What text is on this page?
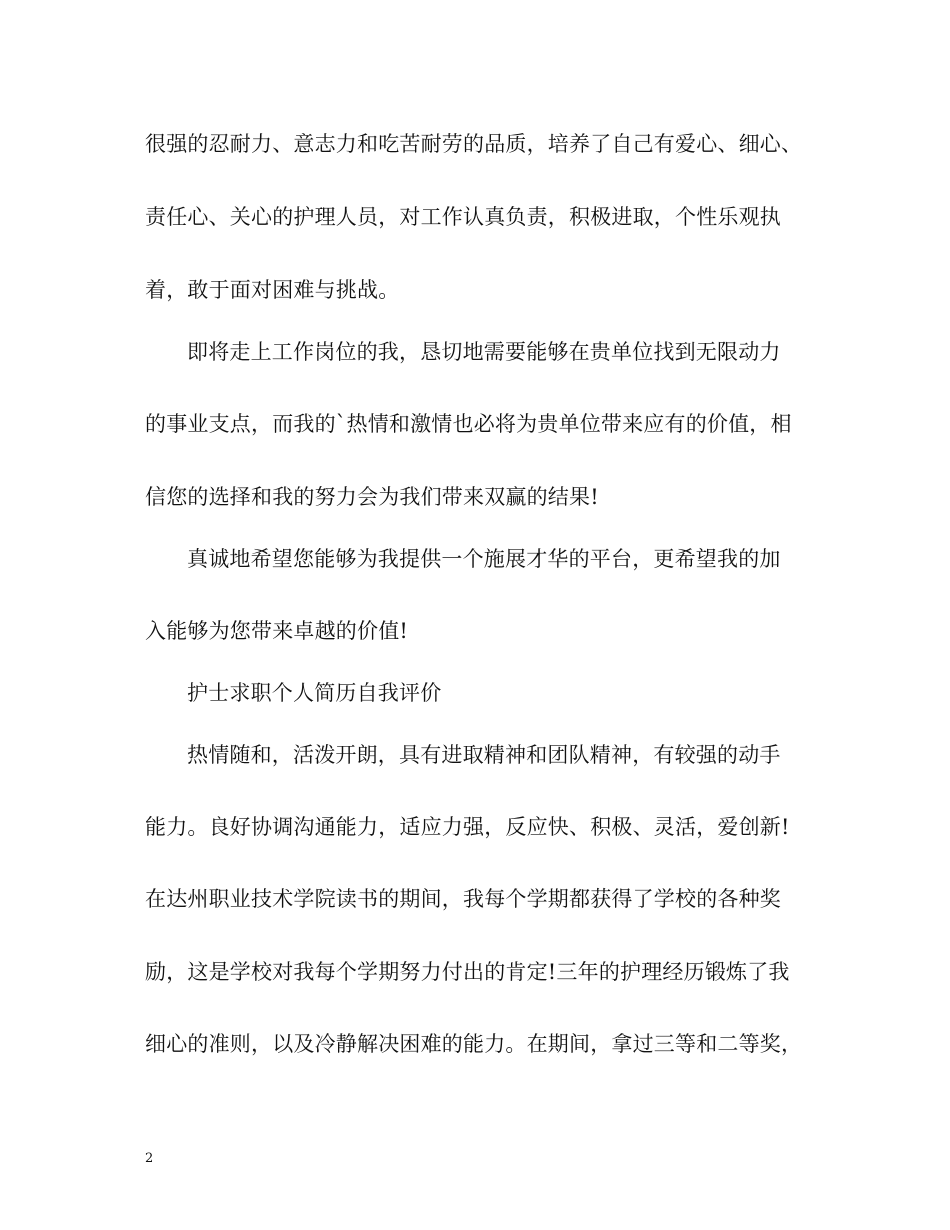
很强的忍耐力、意志力和吃苦耐劳的品质，培养了自己有爱心、细心、
责任心、关心的护理人员，对工作认真负责，积极进取，个性乐观执
着，敢于面对困难与挑战。
即将走上工作岗位的我，恳切地需要能够在贵单位找到无限动力
的事业支点，而我的`热情和激情也必将为贵单位带来应有的价值，相
信您的选择和我的努力会为我们带来双赢的结果!
真诚地希望您能够为我提供一个施展才华的平台，更希望我的加
入能够为您带来卓越的价值!
护士求职个人简历自我评价
热情随和，活泼开朗，具有进取精神和团队精神，有较强的动手
能力。良好协调沟通能力，适应力强，反应快、积极、灵活，爱创新!
在达州职业技术学院读书的期间，我每个学期都获得了学校的各种奖
励，这是学校对我每个学期努力付出的肯定!三年的护理经历锻炼了我
细心的准则，以及冷静解决困难的能力。在期间，拿过三等和二等奖，
2
